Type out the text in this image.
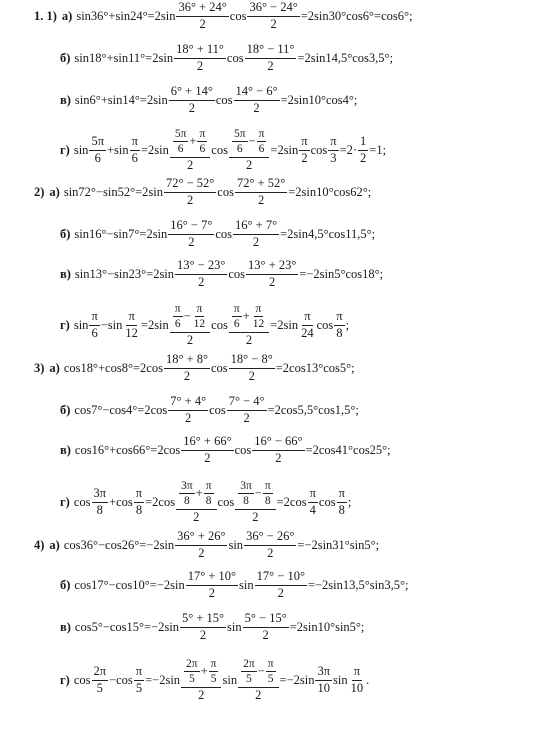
1. 1) а) $\sin 36^\circ+\sin 24^\circ=2\sin \frac{36^\circ + 24^\circ}{2}$ $\cos \frac{36^\circ - 24^\circ}{2} =2\sin 30^\circ\cos 6^\circ=\cos 6^\circ$;
б) $\sin 18^\circ+\sin 11^\circ=2\sin \frac{18^\circ + 11^\circ}{2}$ $\cos \frac{18^\circ - 11^\circ}{2} =2\sin 14,5^\circ\cos 3,5^\circ$;
в) $\sin 6^\circ+\sin 14^\circ=2\sin \frac{6^\circ + 14^\circ}{2}$ $\cos \frac{14^\circ - 6^\circ}{2} =2\sin 10^\circ\cos 4^\circ$;
г) $\sin \frac{5\pi}{6} +\sin \frac{\pi}{6} =2\sin \frac{\frac{5\pi}{6} + \frac{\pi}{6}}{2}$ $\cos \frac{\frac{5\pi}{6} - \frac{\pi}{6}}{2} =2\sin \frac{\pi}{2}$ $\cos \frac{\pi}{3} =2\cdot \frac{1}{2} =1$;
2) а) $\sin 72^\circ-\sin 52^\circ=2\sin \frac{72^\circ - 52^\circ}{2}$ $\cos \frac{72^\circ + 52^\circ}{2} =2\sin 10^\circ\cos 62^\circ$;
б) $\sin 16^\circ-\sin 7^\circ=2\sin \frac{16^\circ - 7^\circ}{2}$ $\cos \frac{16^\circ + 7^\circ}{2} =2\sin 4,5^\circ\cos 11,5^\circ$;
в) $\sin 13^\circ-\sin 23^\circ=2\sin \frac{13^\circ - 23^\circ}{2}$ $\cos \frac{13^\circ + 23^\circ}{2} =-2\sin 5^\circ\cos 18^\circ$;
г) $\sin \frac{\pi}{6} -\sin \frac{\pi}{12} =2\sin \frac{\frac{\pi}{6} - \frac{\pi}{12}}{2}$ $\cos \frac{\frac{\pi}{6} + \frac{\pi}{12}}{2} =2\sin \frac{\pi}{24}$ $\cos \frac{\pi}{8}$ ;
3) а) $\cos 18^\circ+\cos 8^\circ=2\cos \frac{18^\circ + 8^\circ}{2}$ $\cos \frac{18^\circ - 8^\circ}{2} =2\cos 13^\circ\cos 5^\circ$;
б) $\cos 7^\circ-\cos 4^\circ=2\cos \frac{7^\circ + 4^\circ}{2}$ $\cos \frac{7^\circ - 4^\circ}{2} =2\cos 5,5^\circ\cos 1,5^\circ$;
в) $\cos 16^\circ+\cos 66^\circ=2\cos \frac{16^\circ + 66^\circ}{2}$ $\cos \frac{16^\circ - 66^\circ}{2} =2\cos 41^\circ\cos 25^\circ$;
г) $\cos \frac{3\pi}{8} +\cos \frac{\pi}{8} =2\cos \frac{\frac{3\pi}{8} + \frac{\pi}{8}}{2}$ $\cos \frac{\frac{3\pi}{8} - \frac{\pi}{8}}{2} =2\cos \frac{\pi}{4}$ $\cos \frac{\pi}{8}$ ;
4) а) $\cos 36^\circ-\cos 26^\circ=-2\sin \frac{36^\circ + 26^\circ}{2}$ $\sin \frac{36^\circ - 26^\circ}{2} =-2\sin 31^\circ\sin 5^\circ$;
б) $\cos 17^\circ-\cos 10^\circ=-2\sin \frac{17^\circ + 10^\circ}{2}$ $\sin \frac{17^\circ - 10^\circ}{2} =-2\sin 13,5^\circ\sin 3,5^\circ$;
в) $\cos 5^\circ-\cos 15^\circ=-2\sin \frac{5^\circ + 15^\circ}{2}$ $\sin \frac{5^\circ - 15^\circ}{2} =2\sin 10^\circ\sin 5^\circ$;
г) $\cos \frac{2\pi}{5} -\cos \frac{\pi}{5} =-2\sin \frac{\frac{2\pi}{5} + \frac{\pi}{5}}{2}$ $\sin \frac{\frac{2\pi}{5} - \frac{\pi}{5}}{2} =-2\sin \frac{3\pi}{10}$ $\sin \frac{\pi}{10}$ .
